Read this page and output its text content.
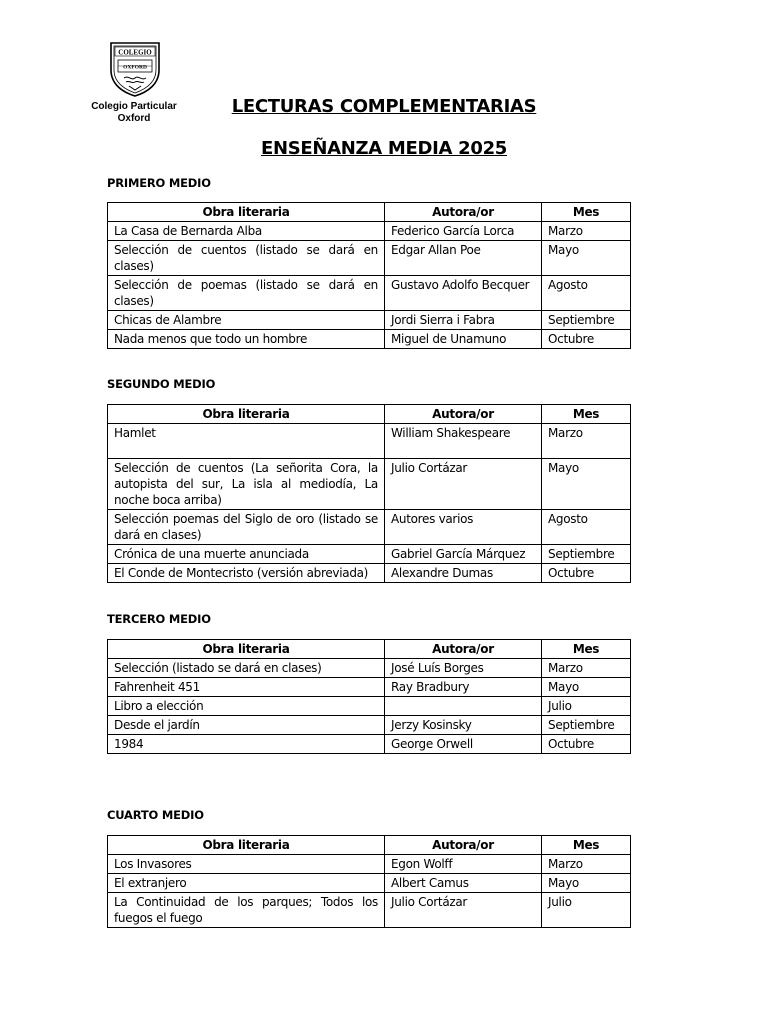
COLEGIO
OXFORD
Colegio Particular
Oxford
LECTURAS COMPLEMENTARIAS
ENSEÑANZA MEDIA 2025
PRIMERO MEDIO
Obra literaria	Autora/or	Mes
La Casa de Bernarda Alba	Federico García Lorca	Marzo
Selección de cuentos (listado se dará en clases)	Edgar Allan Poe	Mayo
Selección de poemas (listado se dará en clases)	Gustavo Adolfo Becquer	Agosto
Chicas de Alambre	Jordi Sierra i Fabra	Septiembre
Nada menos que todo un hombre	Miguel de Unamuno	Octubre
SEGUNDO MEDIO
Obra literaria	Autora/or	Mes
Hamlet	William Shakespeare	Marzo
Selección de cuentos (La señorita Cora, la autopista del sur, La isla al mediodía, La noche boca arriba)	Julio Cortázar	Mayo
Selección poemas del Siglo de oro (listado se dará en clases)	Autores varios	Agosto
Crónica de una muerte anunciada	Gabriel García Márquez	Septiembre
El Conde de Montecristo (versión abreviada)	Alexandre Dumas	Octubre
TERCERO MEDIO
Obra literaria	Autora/or	Mes
Selección (listado se dará en clases)	José Luís Borges	Marzo
Fahrenheit 451	Ray Bradbury	Mayo
Libro a elección		Julio
Desde el jardín	Jerzy Kosinsky	Septiembre
1984	George Orwell	Octubre
CUARTO MEDIO
Obra literaria	Autora/or	Mes
Los Invasores	Egon Wolff	Marzo
El extranjero	Albert Camus	Mayo
La Continuidad de los parques; Todos los fuegos el fuego	Julio Cortázar	Julio
